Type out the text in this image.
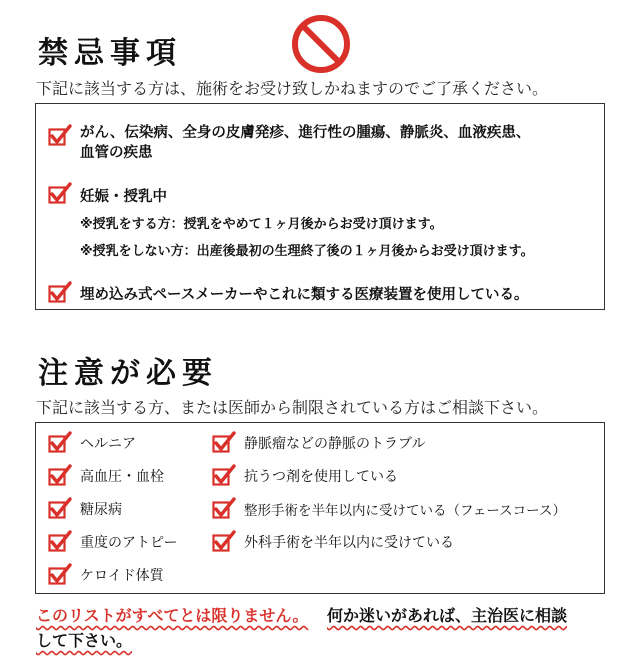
禁忌事項
下記に該当する方は、施術をお受け致しかねますのでご了承ください。
がん、伝染病、全身の皮膚発疹、進行性の腫瘍、静脈炎、血液疾患、
血管の疾患
妊娠・授乳中
※授乳をする方：授乳をやめて１ヶ月後からお受け頂けます。
※授乳をしない方：出産後最初の生理終了後の１ヶ月後からお受け頂けます。
埋め込み式ペースメーカーやこれに類する医療装置を使用している。
注意が必要
下記に該当する方、または医師から制限されている方はご相談下さい。
ヘルニア
高血圧・血栓
糖尿病
重度のアトピー
ケロイド体質
静脈瘤などの静脈のトラブル
抗うつ剤を使用している
整形手術を半年以内に受けている（フェースコース）
外科手術を半年以内に受けている
このリストがすべてとは限りません。 何か迷いがあれば、主治医に相談
して下さい。
